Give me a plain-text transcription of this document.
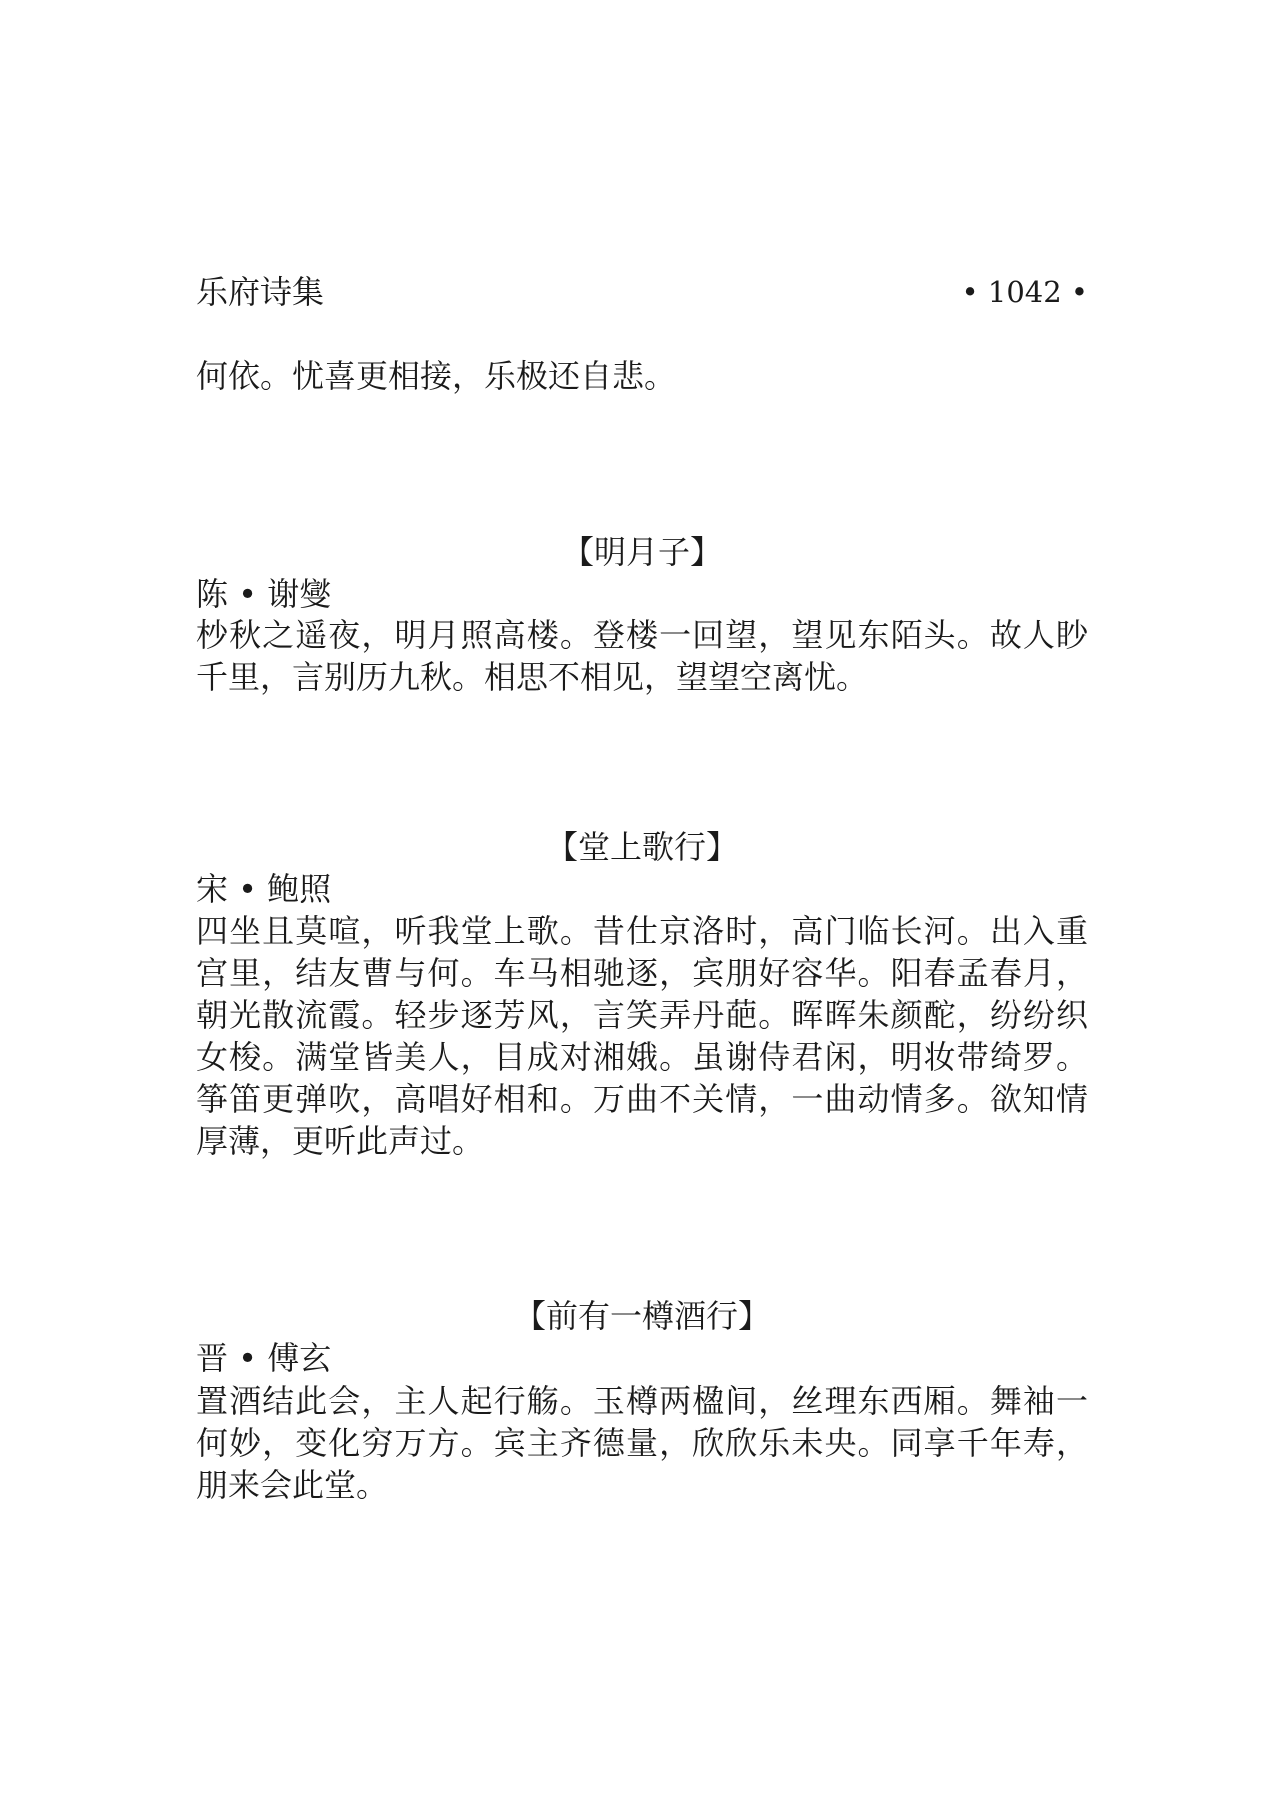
乐府诗集	• 1042 •

何依。忧喜更相接，乐极还自悲。

【明月子】

陈 • 谢燮

杪秋之遥夜，明月照高楼。登楼一回望，望见东陌头。故人眇千里，言别历九秋。相思不相见，望望空离忧。

【堂上歌行】

宋 • 鲍照

四坐且莫喧，听我堂上歌。昔仕京洛时，高门临长河。出入重宫里，结友曹与何。车马相驰逐，宾朋好容华。阳春孟春月，朝光散流霞。轻步逐芳风，言笑弄丹葩。晖晖朱颜酡，纷纷织女梭。满堂皆美人，目成对湘娥。虽谢侍君闲，明妆带绮罗。筝笛更弹吹，高唱好相和。万曲不关情，一曲动情多。欲知情厚薄，更听此声过。

【前有一樽酒行】

晋 • 傅玄

置酒结此会，主人起行觞。玉樽两楹间，丝理东西厢。舞袖一何妙，变化穷万方。宾主齐德量，欣欣乐未央。同享千年寿，朋来会此堂。
